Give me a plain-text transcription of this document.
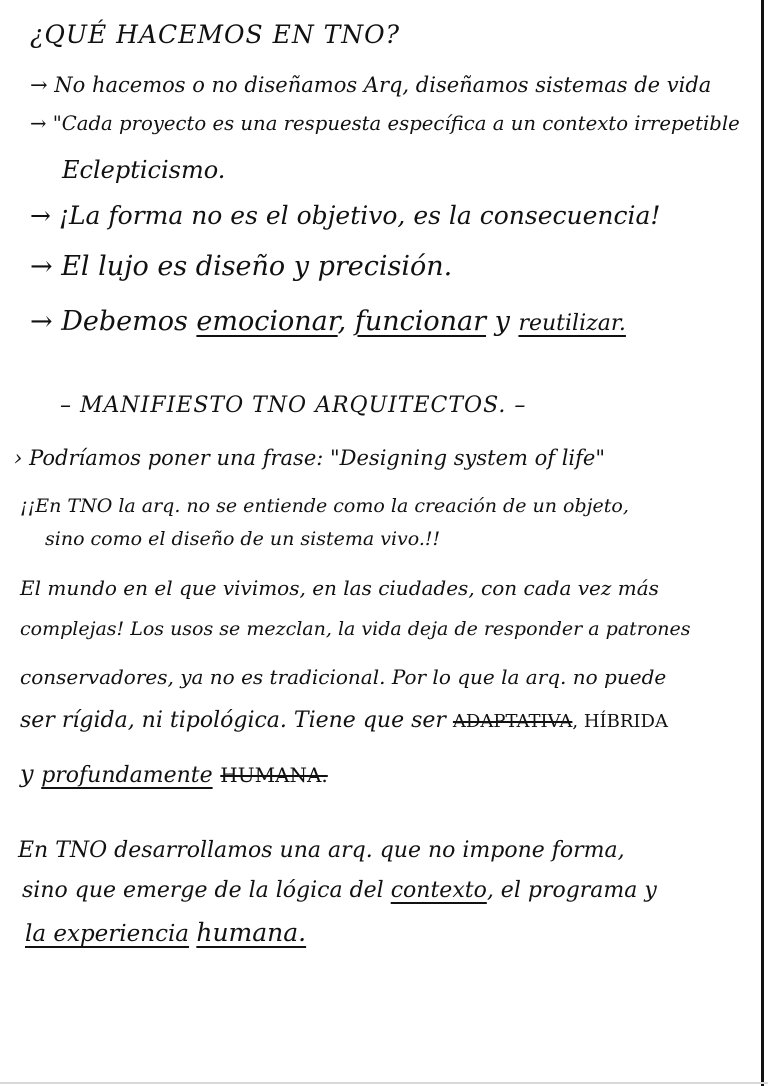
¿QUÉ HACEMOS EN TNO?
→ No hacemos o no diseñamos Arq, diseñamos sistemas de vida
→ "Cada proyecto es una respuesta específica a un contexto irrepetible
Eclepticismo.
→ ¡La forma no es el objetivo, es la consecuencia!
→ El lujo es diseño y precisión.
→ Debemos emocionar, funcionar y reutilizar.
– MANIFIESTO TNO ARQUITECTOS. –
› Podríamos poner una frase: "Designing system of life"
¡¡En TNO la arq. no se entiende como la creación de un objeto,
sino como el diseño de un sistema vivo.!!
El mundo en el que vivimos, en las ciudades, con cada vez más
complejas! Los usos se mezclan, la vida deja de responder a patrones
conservadores, ya no es tradicional. Por lo que la arq. no puede
ser rígida, ni tipológica. Tiene que ser ADAPTATIVA, HÍBRIDA
y profundamente HUMANA.
En TNO desarrollamos una arq. que no impone forma,
sino que emerge de la lógica del contexto, el programa y
la experiencia humana.
